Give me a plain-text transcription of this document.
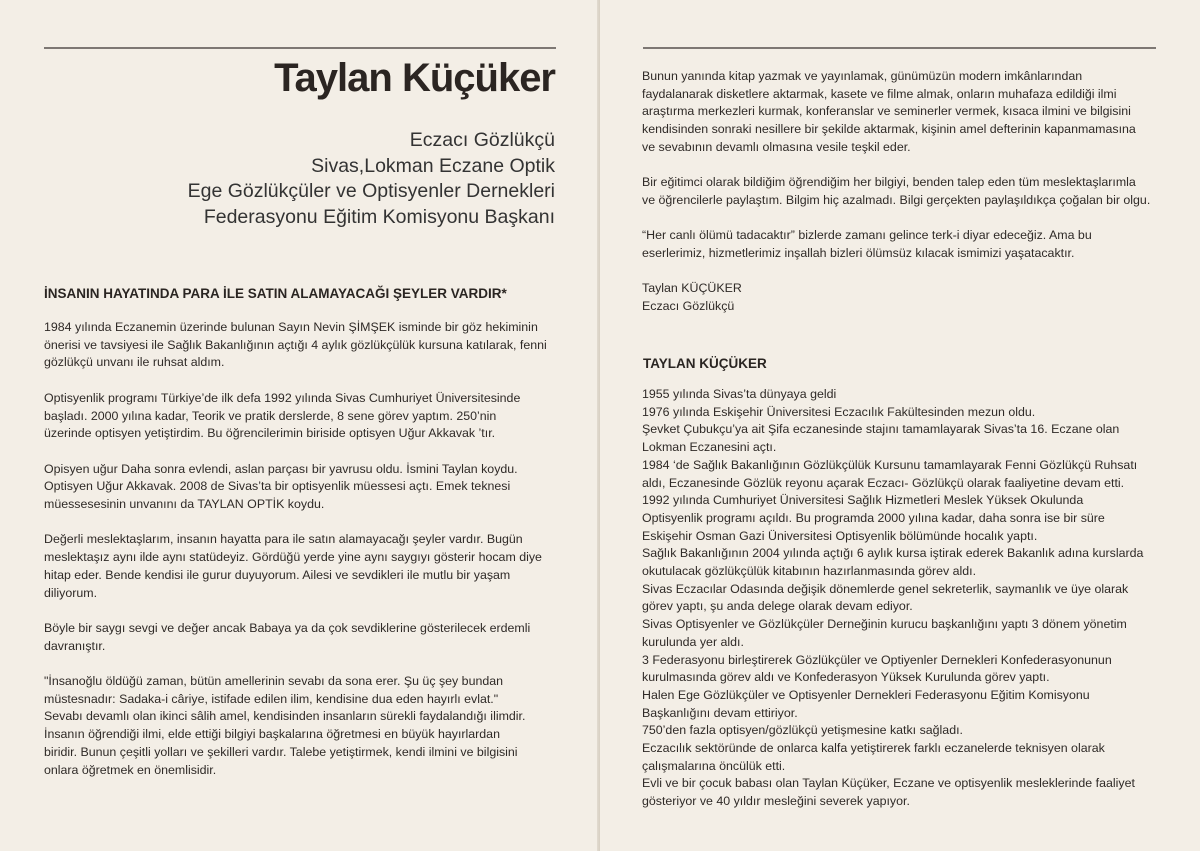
Taylan Küçüker
Eczacı Gözlükçü
Sivas,Lokman Eczane Optik
Ege Gözlükçüler ve Optisyenler Dernekleri
Federasyonu Eğitim Komisyonu Başkanı
İNSANIN HAYATINDA PARA İLE SATIN ALAMAYACAĞI ŞEYLER VARDIR*

1984 yılında Eczanemin üzerinde bulunan Sayın Nevin ŞİMŞEK isminde bir göz hekiminin
önerisi ve tavsiyesi ile Sağlık Bakanlığının açtığı 4 aylık gözlükçülük kursuna katılarak, fenni
gözlükçü unvanı ile ruhsat aldım.

Optisyenlik programı Türkiye’de ilk defa 1992 yılında Sivas Cumhuriyet Üniversitesinde
başladı. 2000 yılına kadar, Teorik ve pratik derslerde, 8 sene görev yaptım. 250’nin
üzerinde optisyen yetiştirdim. Bu öğrencilerimin biriside optisyen Uğur Akkavak ’tır.

Opisyen uğur Daha sonra evlendi, aslan parçası bir yavrusu oldu. İsmini Taylan koydu.
Optisyen Uğur Akkavak. 2008 de Sivas’ta bir optisyenlik müessesi açtı. Emek teknesi
müessesesinin unvanını da TAYLAN OPTİK koydu.

Değerli meslektaşlarım, insanın hayatta para ile satın alamayacağı şeyler vardır. Bugün
meslektaşız aynı ilde aynı statüdeyiz. Gördüğü yerde yine aynı saygıyı gösterir hocam diye
hitap eder. Bende kendisi ile gurur duyuyorum. Ailesi ve sevdikleri ile mutlu bir yaşam
diliyorum.

Böyle bir saygı sevgi ve değer ancak Babaya ya da çok sevdiklerine gösterilecek erdemli
davranıştır.

"İnsanoğlu öldüğü zaman, bütün amellerinin sevabı da sona erer. Şu üç şey bundan
müstesnadır: Sadaka-i câriye, istifade edilen ilim, kendisine dua eden hayırlı evlat."
Sevabı devamlı olan ikinci sâlih amel, kendisinden insanların sürekli faydalandığı ilimdir.
İnsanın öğrendiği ilmi, elde ettiği bilgiyi başkalarına öğretmesi en büyük hayırlardan
biridir. Bunun çeşitli yolları ve şekilleri vardır. Talebe yetiştirmek, kendi ilmini ve bilgisini
onlara öğretmek en önemlisidir.

Bunun yanında kitap yazmak ve yayınlamak, günümüzün modern imkânlarından
faydalanarak disketlere aktarmak, kasete ve filme almak, onların muhafaza edildiği ilmi
araştırma merkezleri kurmak, konferanslar ve seminerler vermek, kısaca ilmini ve bilgisini
kendisinden sonraki nesillere bir şekilde aktarmak, kişinin amel defterinin kapanmamasına
ve sevabının devamlı olmasına vesile teşkil eder.

Bir eğitimci olarak bildiğim öğrendiğim her bilgiyi, benden talep eden tüm meslektaşlarımla
ve öğrencilerle paylaştım. Bilgim hiç azalmadı. Bilgi gerçekten paylaşıldıkça çoğalan bir olgu.

“Her canlı ölümü tadacaktır” bizlerde zamanı gelince terk-i diyar edeceğiz. Ama bu
eserlerimiz, hizmetlerimiz inşallah bizleri ölümsüz kılacak ismimizi yaşatacaktır.

Taylan KÜÇÜKER
Eczacı Gözlükçü

TAYLAN KÜÇÜKER
1955 yılında Sivas’ta dünyaya geldi
1976 yılında Eskişehir Üniversitesi Eczacılık Fakültesinden mezun oldu.
Şevket Çubukçu’ya ait Şifa eczanesinde stajını tamamlayarak Sivas’ta 16. Eczane olan
Lokman Eczanesini açtı.
1984 ‘de Sağlık Bakanlığının Gözlükçülük Kursunu tamamlayarak Fenni Gözlükçü Ruhsatı
aldı, Eczanesinde Gözlük reyonu açarak Eczacı- Gözlükçü olarak faaliyetine devam etti.
1992 yılında Cumhuriyet Üniversitesi Sağlık Hizmetleri Meslek Yüksek Okulunda
Optisyenlik programı açıldı. Bu programda 2000 yılına kadar, daha sonra ise bir süre
Eskişehir Osman Gazi Üniversitesi Optisyenlik bölümünde hocalık yaptı.
Sağlık Bakanlığının 2004 yılında açtığı 6 aylık kursa iştirak ederek Bakanlık adına kurslarda
okutulacak gözlükçülük kitabının hazırlanmasında görev aldı.
Sivas Eczacılar Odasında değişik dönemlerde genel sekreterlik, saymanlık ve üye olarak
görev yaptı, şu anda delege olarak devam ediyor.
Sivas Optisyenler ve Gözlükçüler Derneğinin kurucu başkanlığını yaptı 3 dönem yönetim
kurulunda yer aldı.
3 Federasyonu birleştirerek Gözlükçüler ve Optiyenler Dernekleri Konfederasyonunun
kurulmasında görev aldı ve Konfederasyon Yüksek Kurulunda görev yaptı.
Halen Ege Gözlükçüler ve Optisyenler Dernekleri Federasyonu Eğitim Komisyonu
Başkanlığını devam ettiriyor.
750’den fazla optisyen/gözlükçü yetişmesine katkı sağladı.
Eczacılık sektöründe de onlarca kalfa yetiştirerek farklı eczanelerde teknisyen olarak
çalışmalarına öncülük etti.
Evli ve bir çocuk babası olan Taylan Küçüker, Eczane ve optisyenlik mesleklerinde faaliyet
gösteriyor ve 40 yıldır mesleğini severek yapıyor.
